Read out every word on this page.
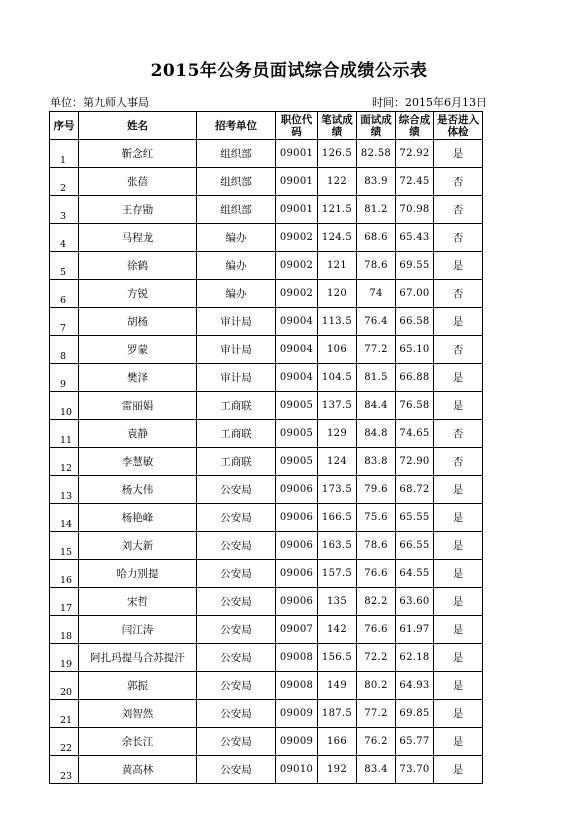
2015年公务员面试综合成绩公示表
单位：第九师人事局	时间：2015年6月13日
序号	姓名	招考单位	职位代码	笔试成绩	面试成绩	综合成绩	是否进入体检

1	靳念红	组织部	09001	126.5	82.58	72.92	是
2	张蓓	组织部	09001	122	83.9	72.45	否
3	王存勖	组织部	09001	121.5	81.2	70.98	否
4	马程龙	编办	09002	124.5	68.6	65.43	否
5	徐鹤	编办	09002	121	78.6	69.55	是
6	方锐	编办	09002	120	74	67.00	否
7	胡杨	审计局	09004	113.5	76.4	66.58	是
8	罗蒙	审计局	09004	106	77.2	65.10	否
9	樊泽	审计局	09004	104.5	81.5	66.88	是
10	雷丽娟	工商联	09005	137.5	84.4	76.58	是
11	袁静	工商联	09005	129	84.8	74.65	否
12	李慧敏	工商联	09005	124	83.8	72.90	否
13	杨大伟	公安局	09006	173.5	79.6	68.72	是
14	杨艳峰	公安局	09006	166.5	75.6	65.55	是
15	刘大新	公安局	09006	163.5	78.6	66.55	是
16	哈力别提	公安局	09006	157.5	76.6	64.55	是
17	宋哲	公安局	09006	135	82.2	63.60	是
18	闫江涛	公安局	09007	142	76.6	61.97	是
19	阿扎玛提马合苏提汗	公安局	09008	156.5	72.2	62.18	是
20	郭振	公安局	09008	149	80.2	64.93	是
21	刘智然	公安局	09009	187.5	77.2	69.85	是
22	余长江	公安局	09009	166	76.2	65.77	是
23	黄高林	公安局	09010	192	83.4	73.70	是
